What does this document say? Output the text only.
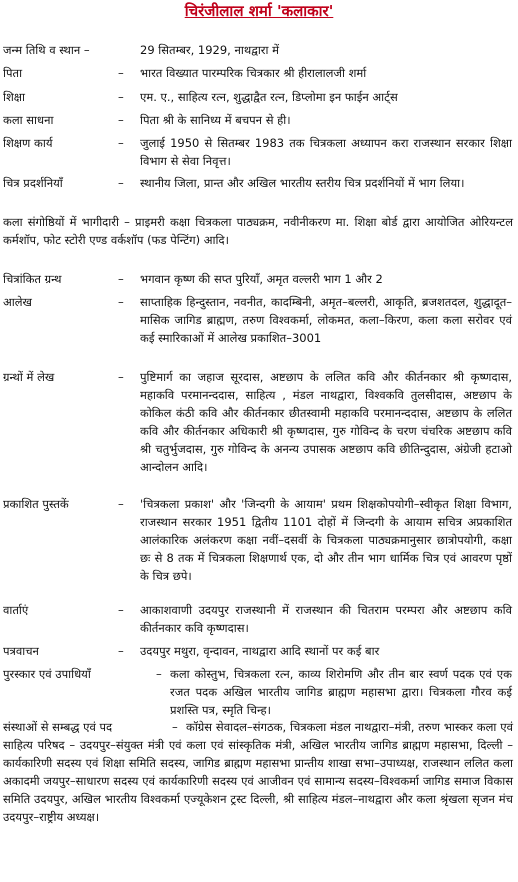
चिरंजीलाल शर्मा 'कलाकार'
जन्म तिथि व स्थान –	29 सितम्बर, 1929, नाथद्वारा में
पिता	–	भारत विख्यात पारम्परिक चित्रकार श्री हीरालालजी शर्मा
शिक्षा	–	एम. ए., साहित्य रत्न, शुद्धाद्वैत रत्न, डिप्लोमा इन फाईन आर्ट्स
कला साधना	–	पिता श्री के सानिध्य में बचपन से ही।
शिक्षण कार्य	–	जुलाई 1950 से सितम्बर 1983 तक चित्रकला अध्यापन करा राजस्थान सरकार शिक्षा विभाग से सेवा निवृत्त।
चित्र प्रदर्शनियाँ	–	स्थानीय जिला, प्रान्त और अखिल भारतीय स्तरीय चित्र प्रदर्शनियों में भाग लिया।
कला संगोष्ठियों में भागीदारी – प्राइमरी कक्षा चित्रकला पाठ्यक्रम, नवीनीकरण मा. शिक्षा बोर्ड द्वारा आयोजित ओरियन्टल कर्मशॉप, फोट स्टोरी एण्ड वर्कशॉप (फड पेन्टिंग) आदि।
चित्रांकित ग्रन्थ	–	भगवान कृष्ण की सप्त पुरियाँ, अमृत वल्लरी भाग 1 और 2
आलेख	–	साप्ताहिक हिन्दुस्तान, नवनीत, कादम्बिनी, अमृत–बल्लरी, आकृति, ब्रजशतदल, शुद्धादूत–मासिक जागिड ब्राह्मण, तरुण विश्वकर्मा, लोकमत, कला–किरण, कला कला सरोवर एवं कई स्मारिकाओं में आलेख प्रकाशित–3001
ग्रन्थों में लेख	–	पुष्टिमार्ग का जहाज सूरदास, अष्टछाप के ललित कवि और कीर्तनकार श्री कृष्णदास, महाकवि परमानन्ददास, साहित्य , मंडल नाथद्वारा, विश्वकवि तुलसीदास, अष्टछाप के कोकिल कंठी कवि और कीर्तनकार छीतस्वामी महाकवि परमानन्ददास, अष्टछाप के ललित कवि और कीर्तनकार अधिकारी श्री कृष्णदास, गुरु गोविन्द के चरण चंचरिक अष्टछाप कवि श्री चतुर्भुजदास, गुरु गोविन्द के अनन्य उपासक अष्टछाप कवि छीतिन्दुदास, अंग्रेजी हटाओ आन्दोलन आदि।
प्रकाशित पुस्तकें	–	'चित्रकला प्रकाश' और 'जिन्दगी के आयाम' प्रथम शिक्षकोपयोगी–स्वीकृत शिक्षा विभाग, राजस्थान सरकार 1951 द्वितीय 1101 दोहों में जिन्दगी के आयाम सचित्र अप्रकाशित आलंकारिक अलंकरण कक्षा नवीं–दसवीं के चित्रकला पाठ्यक्रमानुसार छात्रोपयोगी, कक्षा छः से 8 तक में चित्रकला शिक्षणार्थ एक, दो और तीन भाग धार्मिक चित्र एवं आवरण पृष्ठों के चित्र छपे।
वार्ताएं	–	आकाशवाणी उदयपुर राजस्थानी में राजस्थान की चितराम परम्परा और अष्टछाप कवि कीर्तनकार कवि कृष्णदास।
पत्रवाचन	–	उदयपुर मथुरा, वृन्दावन, नाथद्वारा आदि स्थानों पर कई बार
पुरस्कार एवं उपाधियाँ	– कला कोस्तुभ, चित्रकला रत्न, काव्य शिरोमणि और तीन बार स्वर्ण पदक एवं एक रजत पदक अखिल भारतीय जागिड ब्राह्मण महासभा द्वारा। चित्रकला गौरव कई प्रशस्ति पत्र, स्मृति चिन्ह।
संस्थाओं से सम्बद्ध एवं पद	– कॉग्रेस सेवादल–संगठक, चित्रकला मंडल नाथद्वारा–मंत्री, तरुण भास्कर कला एवं साहित्य परिषद – उदयपुर–संयुक्त मंत्री एवं कला एवं सांस्कृतिक मंत्री, अखिल भारतीय जागिड ब्राह्मण महासभा, दिल्ली – कार्यकारिणी सदस्य एवं शिक्षा समिति सदस्य, जागिड ब्राह्मण महासभा प्रान्तीय शाखा सभा–उपाध्यक्ष, राजस्थान ललित कला अकादमी जयपुर–साधारण सदस्य एवं कार्यकारिणी सदस्य एवं आजीवन एवं सामान्य सदस्य–विश्वकर्मा जागिड समाज विकास समिति उदयपुर, अखिल भारतीय विश्वकर्मा एज्यूकेशन ट्रस्ट दिल्ली, श्री साहित्य मंडल–नाथद्वारा और कला श्रृंखला सृजन मंच उदयपुर–राष्ट्रीय अध्यक्ष।
